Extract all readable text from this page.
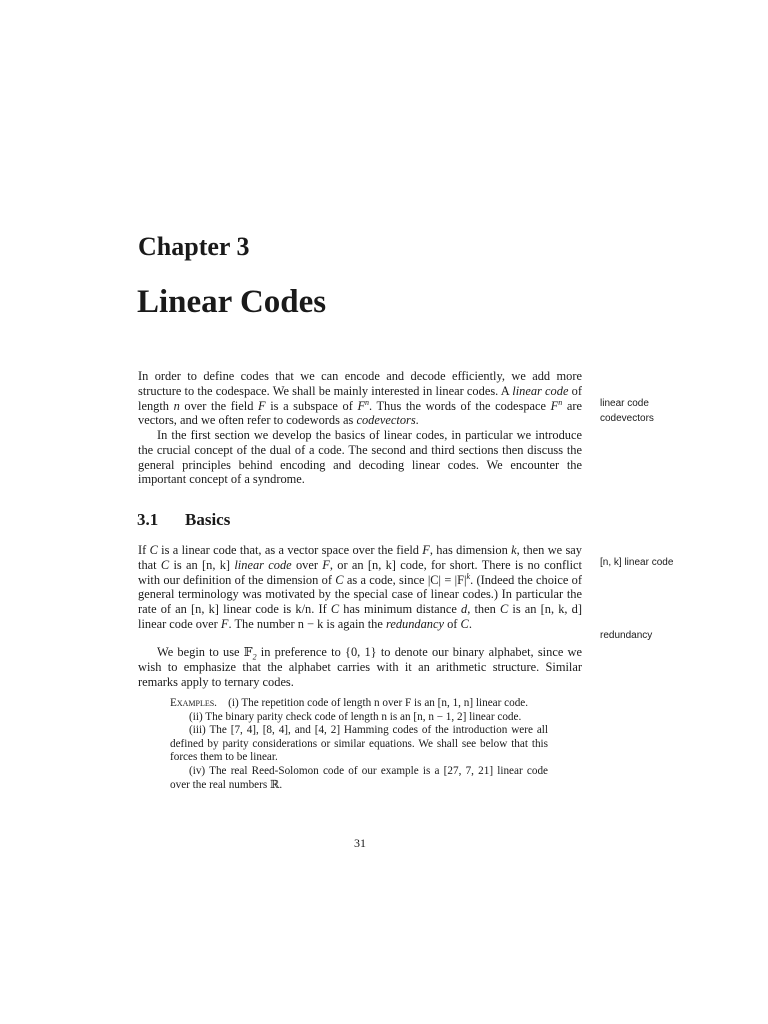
Chapter 3
Linear Codes

In order to define codes that we can encode and decode efficiently, we add more structure to the codespace. We shall be mainly interested in linear codes. A linear code of length n over the field F is a subspace of $F^n$. Thus the words of the codespace $F^n$ are vectors, and we often refer to codewords as codevectors.

In the first section we develop the basics of linear codes, in particular we introduce the crucial concept of the dual of a code. The second and third sections then discuss the general principles behind encoding and decoding linear codes. We encounter the important concept of a syndrome.

linear code
codevectors
3.1 Basics

If C is a linear code that, as a vector space over the field F, has dimension k, then we say that C is an [n, k] linear code over F, or an [n, k] code, for short. There is no conflict with our definition of the dimension of C as a code, since $|C| = |F|^k$. (Indeed the choice of general terminology was motivated by the special case of linear codes.) In particular the rate of an [n, k] linear code is k/n. If C has minimum distance d, then C is an [n, k, d] linear code over F. The number n − k is again the redundancy of C.

We begin to use 𝔽$_2$ in preference to {0, 1} to denote our binary alphabet, since we wish to emphasize that the alphabet carries with it an arithmetic structure. Similar remarks apply to ternary codes.

[n, k] linear code
redundancy

Examples. (i) The repetition code of length n over F is an [n, 1, n] linear code.

(ii) The binary parity check code of length n is an [n, n − 1, 2] linear code.

(iii) The [7, 4], [8, 4], and [4, 2] Hamming codes of the introduction were all defined by parity considerations or similar equations. We shall see below that this forces them to be linear.

(iv) The real Reed-Solomon code of our example is a [27, 7, 21] linear code over the real numbers ℝ.

31
